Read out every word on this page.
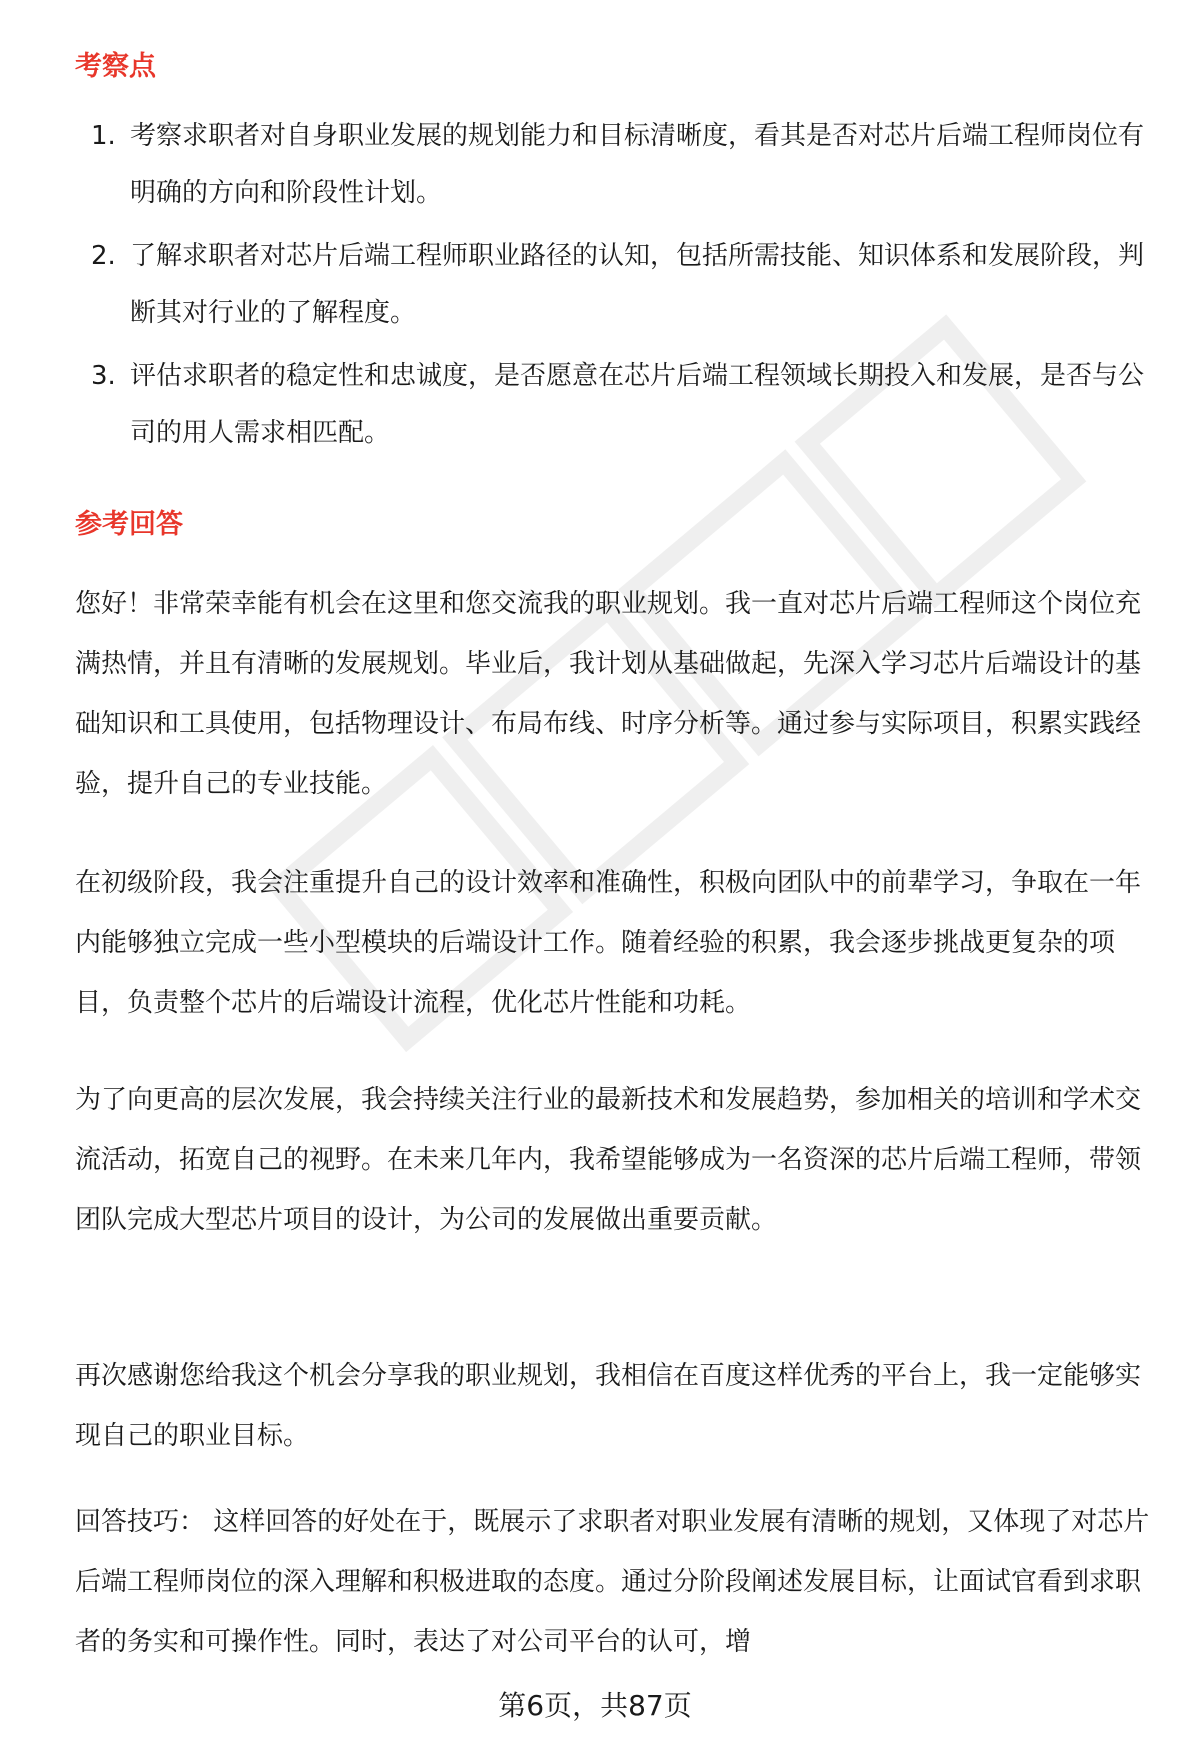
考察点
1. 考察求职者对自身职业发展的规划能力和目标清晰度，看其是否对芯片后端工程师岗位有明确的方向和阶段性计划。
2. 了解求职者对芯片后端工程师职业路径的认知，包括所需技能、知识体系和发展阶段，判断其对行业的了解程度。
3. 评估求职者的稳定性和忠诚度，是否愿意在芯片后端工程领域长期投入和发展，是否与公司的用人需求相匹配。
参考回答

您好！非常荣幸能有机会在这里和您交流我的职业规划。我一直对芯片后端工程师这个岗位充满热情，并且有清晰的发展规划。毕业后，我计划从基础做起，先深入学习芯片后端设计的基础知识和工具使用，包括物理设计、布局布线、时序分析等。通过参与实际项目，积累实践经验，提升自己的专业技能。

在初级阶段，我会注重提升自己的设计效率和准确性，积极向团队中的前辈学习，争取在一年内能够独立完成一些小型模块的后端设计工作。随着经验的积累，我会逐步挑战更复杂的项目，负责整个芯片的后端设计流程，优化芯片性能和功耗。

为了向更高的层次发展，我会持续关注行业的最新技术和发展趋势，参加相关的培训和学术交流活动，拓宽自己的视野。在未来几年内，我希望能够成为一名资深的芯片后端工程师，带领团队完成大型芯片项目的设计，为公司的发展做出重要贡献。

再次感谢您给我这个机会分享我的职业规划，我相信在百度这样优秀的平台上，我一定能够实现自己的职业目标。

回答技巧： 这样回答的好处在于，既展示了求职者对职业发展有清晰的规划，又体现了对芯片后端工程师岗位的深入理解和积极进取的态度。通过分阶段阐述发展目标，让面试官看到求职者的务实和可操作性。同时，表达了对公司平台的认可，增

第6页，共87页
